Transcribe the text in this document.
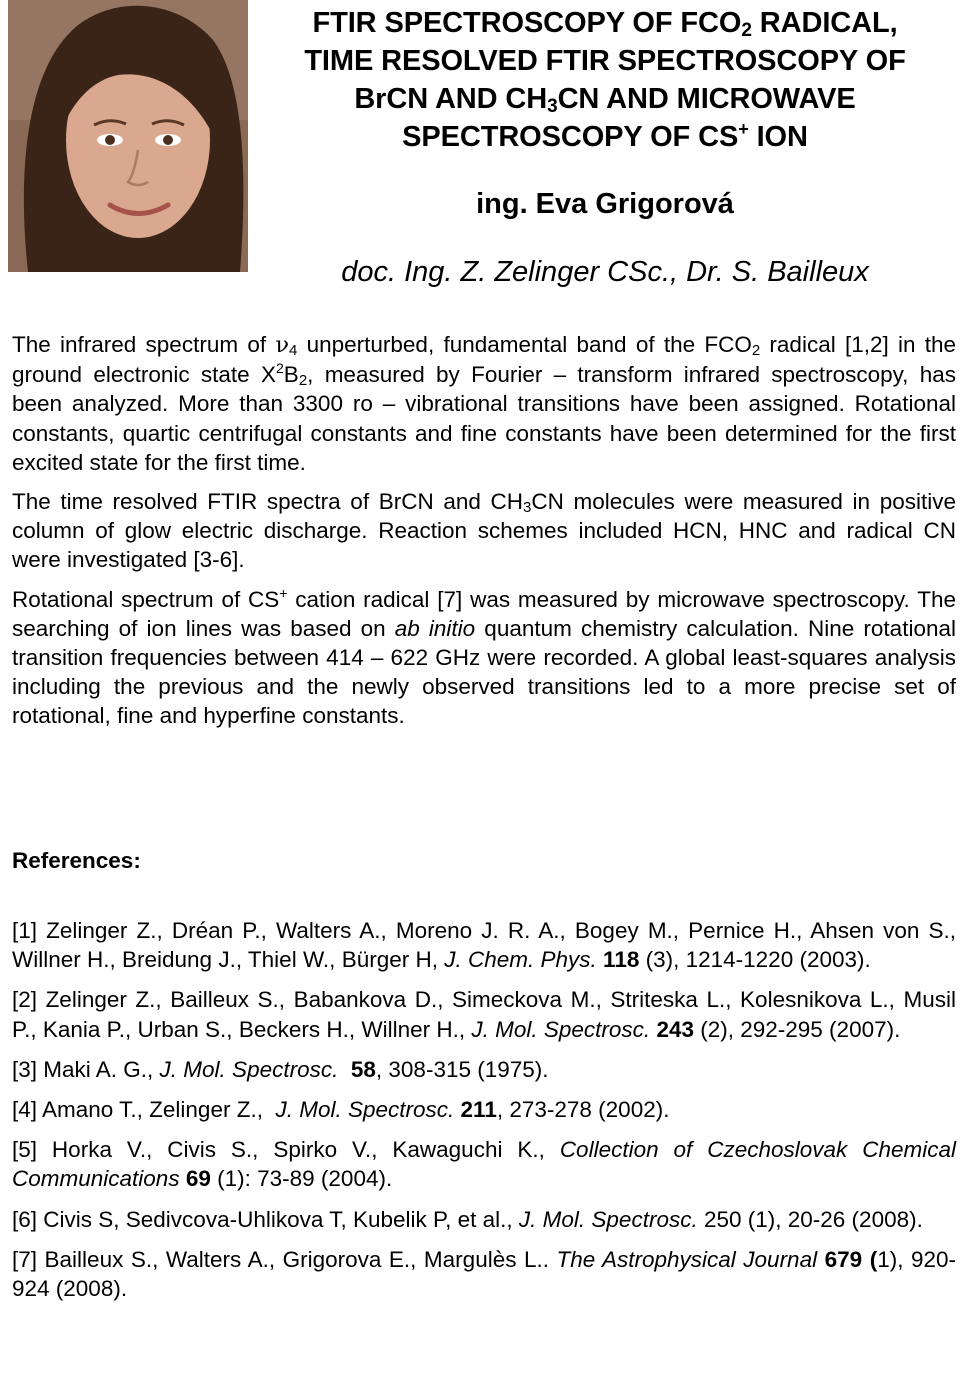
FTIR SPECTROSCOPY OF $FCO_2$ RADICAL,
TIME RESOLVED FTIR SPECTROSCOPY OF
BrCN AND $CH_3CN$ AND MICROWAVE
SPECTROSCOPY OF CS+ ION

ing. Eva Grigorová

doc. Ing. Z. Zelinger CSc., Dr. S. Bailleux

The infrared spectrum of $\nu_4$ unperturbed, fundamental band of the $FCO_2$ radical [1,2] in the ground electronic state $X^2B_2$, measured by Fourier – transform infrared spectroscopy, has been analyzed. More than 3300 ro – vibrational transitions have been assigned. Rotational constants, quartic centrifugal constants and fine constants have been determined for the first excited state for the first time.

The time resolved FTIR spectra of BrCN and $CH_3CN$ molecules were measured in positive column of glow electric discharge. Reaction schemes included HCN, HNC and radical CN were investigated [3-6].

Rotational spectrum of CS+ cation radical [7] was measured by microwave spectroscopy. The searching of ion lines was based on ab initio quantum chemistry calculation. Nine rotational transition frequencies between 414 – 622 GHz were recorded. A global least-squares analysis including the previous and the newly observed transitions led to a more precise set of rotational, fine and hyperfine constants.

References:

[1] Zelinger Z., Dréan P., Walters A., Moreno J. R. A., Bogey M., Pernice H., Ahsen von S., Willner H., Breidung J., Thiel W., Bürger H, J. Chem. Phys. 118 (3), 1214-1220 (2003).

[2] Zelinger Z., Bailleux S., Babankova D., Simeckova M., Striteska L., Kolesnikova L., Musil P., Kania P., Urban S., Beckers H., Willner H., J. Mol. Spectrosc. 243 (2), 292-295 (2007).

[3] Maki A. G., J. Mol. Spectrosc. 58, 308-315 (1975).

[4] Amano T., Zelinger Z.,  J. Mol. Spectrosc. 211, 273-278 (2002).

[5] Horka V., Civis S., Spirko V., Kawaguchi K., Collection of Czechoslovak Chemical Communications 69 (1): 73-89 (2004).

[6] Civis S, Sedivcova-Uhlikova T, Kubelik P, et al., J. Mol. Spectrosc. 250 (1), 20-26 (2008).

[7] Bailleux S., Walters A., Grigorova E., Margulès L.. The Astrophysical Journal 679 (1), 920-924 (2008).
